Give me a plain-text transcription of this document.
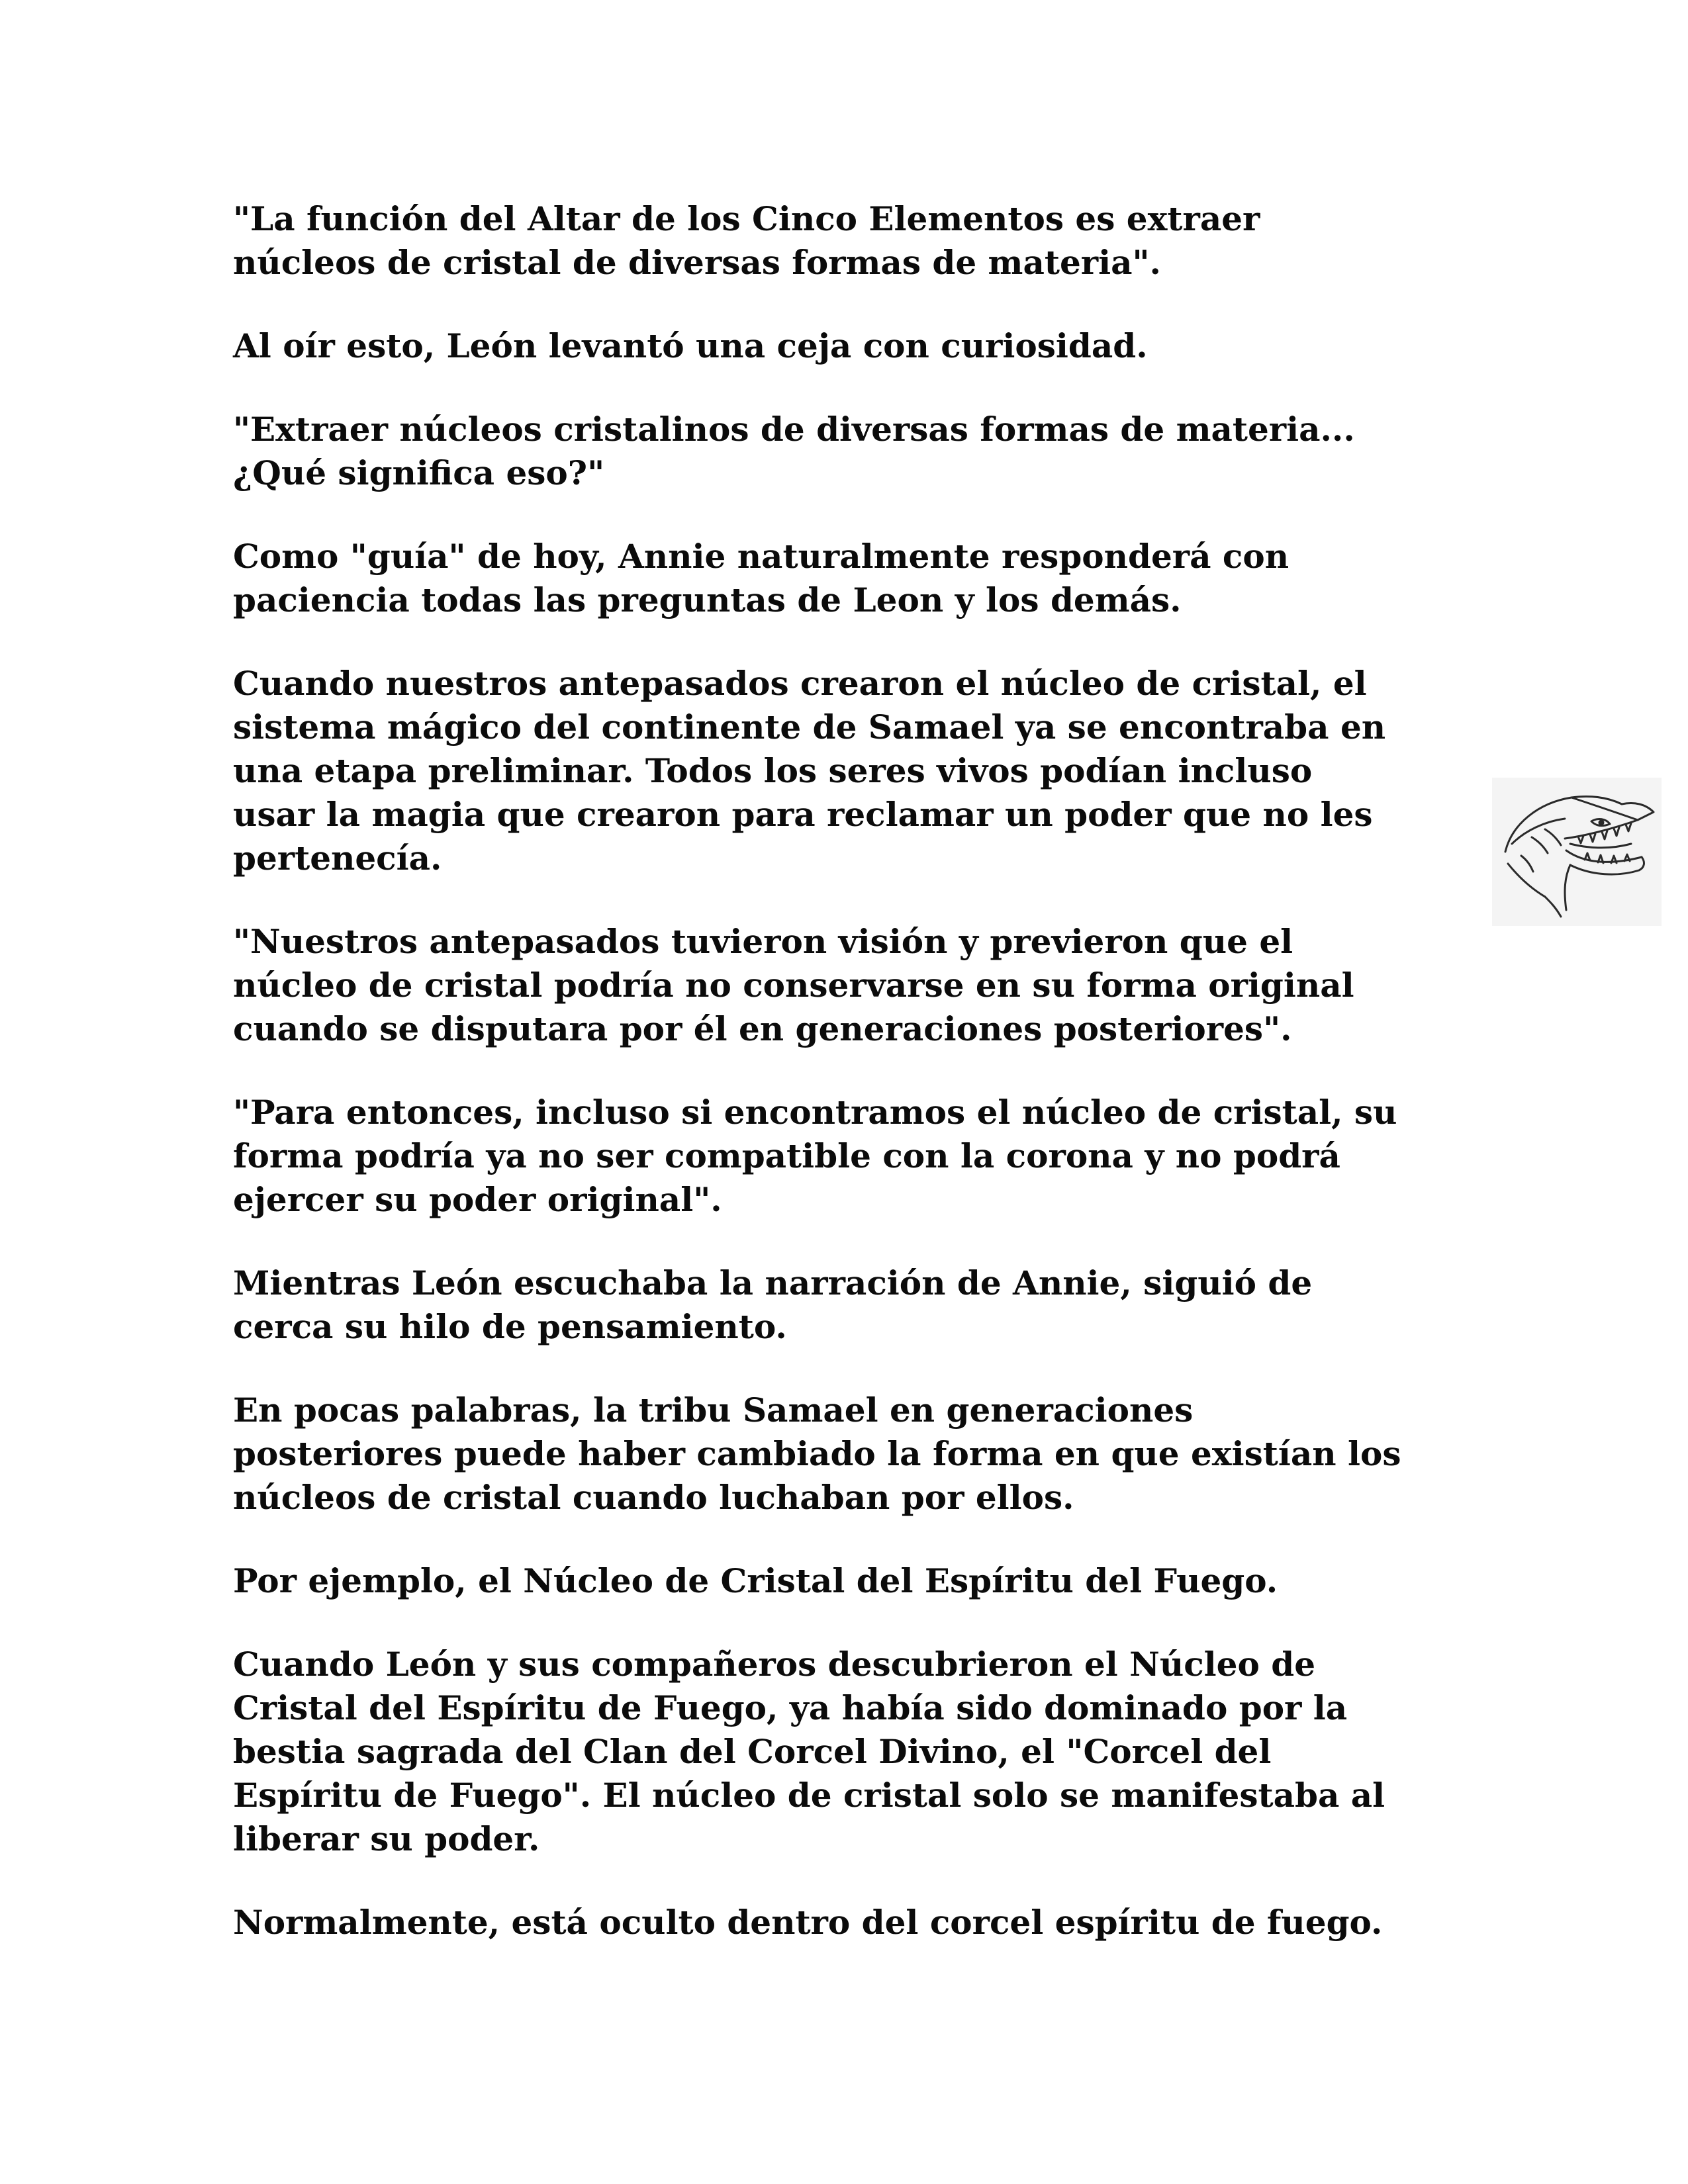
"La función del Altar de los Cinco Elementos es extraer
núcleos de cristal de diversas formas de materia".

Al oír esto, León levantó una ceja con curiosidad.

"Extraer núcleos cristalinos de diversas formas de materia...
¿Qué significa eso?"

Como "guía" de hoy, Annie naturalmente responderá con
paciencia todas las preguntas de Leon y los demás.

Cuando nuestros antepasados crearon el núcleo de cristal, el
sistema mágico del continente de Samael ya se encontraba en
una etapa preliminar. Todos los seres vivos podían incluso
usar la magia que crearon para reclamar un poder que no les
pertenecía.

"Nuestros antepasados tuvieron visión y previeron que el
núcleo de cristal podría no conservarse en su forma original
cuando se disputara por él en generaciones posteriores".

"Para entonces, incluso si encontramos el núcleo de cristal, su
forma podría ya no ser compatible con la corona y no podrá
ejercer su poder original".

Mientras León escuchaba la narración de Annie, siguió de
cerca su hilo de pensamiento.

En pocas palabras, la tribu Samael en generaciones
posteriores puede haber cambiado la forma en que existían los
núcleos de cristal cuando luchaban por ellos.

Por ejemplo, el Núcleo de Cristal del Espíritu del Fuego.

Cuando León y sus compañeros descubrieron el Núcleo de
Cristal del Espíritu de Fuego, ya había sido dominado por la
bestia sagrada del Clan del Corcel Divino, el "Corcel del
Espíritu de Fuego". El núcleo de cristal solo se manifestaba al
liberar su poder.

Normalmente, está oculto dentro del corcel espíritu de fuego.
